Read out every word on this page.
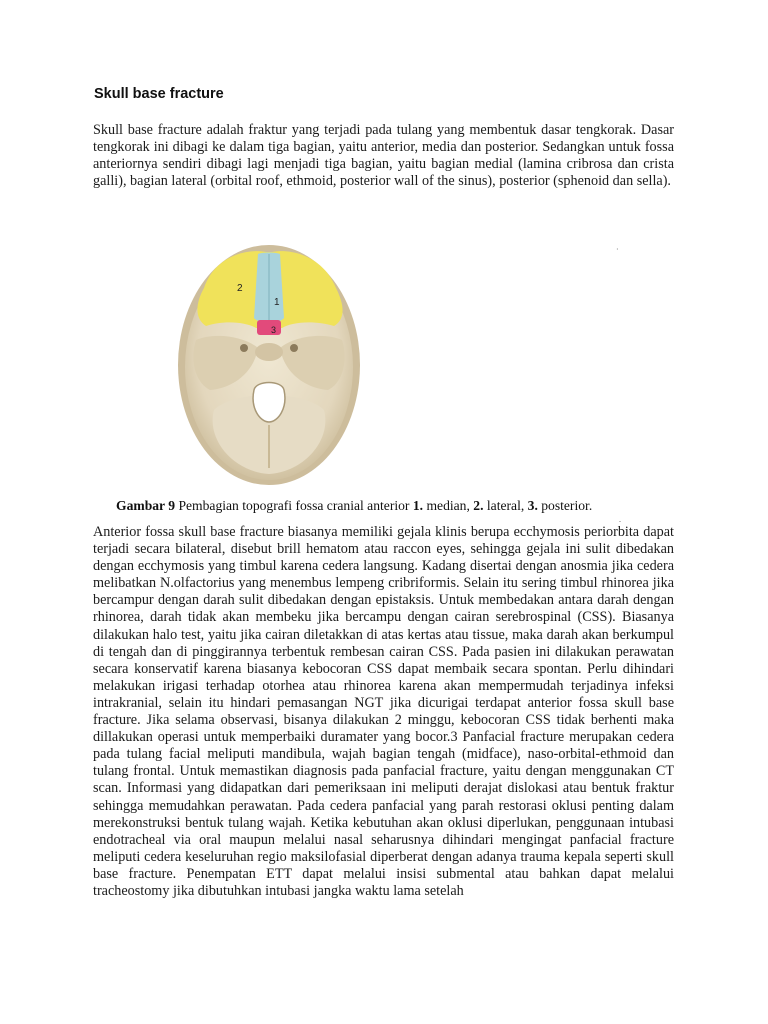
Skull base fracture

Skull base fracture adalah fraktur yang terjadi pada tulang yang membentuk dasar tengkorak. Dasar tengkorak ini dibagi ke dalam tiga bagian, yaitu anterior, media dan posterior. Sedangkan untuk fossa anteriornya sendiri dibagi lagi menjadi tiga bagian, yaitu bagian medial (lamina cribrosa dan crista galli), bagian lateral (orbital roof, ethmoid, posterior wall of the sinus), posterior (sphenoid dan sella).

·
2
1
3
Gambar 9 Pembagian topografi fossa cranial anterior 1. median, 2. lateral, 3. posterior.
.

Anterior fossa skull base fracture biasanya memiliki gejala klinis berupa ecchymosis periorbita dapat terjadi secara bilateral, disebut brill hematom atau raccon eyes, sehingga gejala ini sulit dibedakan dengan ecchymosis yang timbul karena cedera langsung. Kadang disertai dengan anosmia jika cedera melibatkan N.olfactorius yang menembus lempeng cribriformis. Selain itu sering timbul rhinorea jika bercampur dengan darah sulit dibedakan dengan epistaksis. Untuk membedakan antara darah dengan rhinorea, darah tidak akan membeku jika bercampu dengan cairan serebrospinal (CSS). Biasanya dilakukan halo test, yaitu jika cairan diletakkan di atas kertas atau tissue, maka darah akan berkumpul di tengah dan di pinggirannya terbentuk rembesan cairan CSS. Pada pasien ini dilakukan perawatan secara konservatif karena biasanya kebocoran CSS dapat membaik secara spontan. Perlu dihindari melakukan irigasi terhadap otorhea atau rhinorea karena akan mempermudah terjadinya infeksi intrakranial, selain itu hindari pemasangan NGT jika dicurigai terdapat anterior fossa skull base fracture. Jika selama observasi, bisanya dilakukan 2 minggu, kebocoran CSS tidak berhenti maka dillakukan operasi untuk memperbaiki duramater yang bocor.3 Panfacial fracture merupakan cedera pada tulang facial meliputi mandibula, wajah bagian tengah (midface), naso-orbital-ethmoid dan tulang frontal. Untuk memastikan diagnosis pada panfacial fracture, yaitu dengan menggunakan CT scan. Informasi yang didapatkan dari pemeriksaan ini meliputi derajat dislokasi atau bentuk fraktur sehingga memudahkan perawatan. Pada cedera panfacial yang parah restorasi oklusi penting dalam merekonstruksi bentuk tulang wajah. Ketika kebutuhan akan oklusi diperlukan, penggunaan intubasi endotracheal via oral maupun melalui nasal seharusnya dihindari mengingat panfacial fracture meliputi cedera keseluruhan regio maksilofasial diperberat dengan adanya trauma kepala seperti skull base fracture. Penempatan ETT dapat melalui insisi submental atau bahkan dapat melalui tracheostomy jika dibutuhkan intubasi jangka waktu lama setelah
